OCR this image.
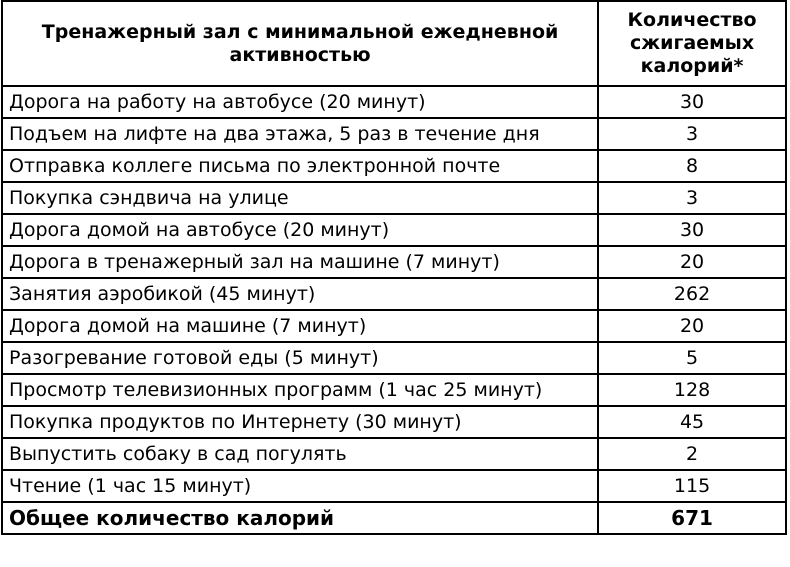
Тренажерный зал с минимальной ежедневной активностью	Количество сжигаемых калорий*
Дорога на работу на автобусе (20 минут)	30
Подъем на лифте на два этажа, 5 раз в течение дня	3
Отправка коллеге письма по электронной почте	8
Покупка сэндвича на улице	3
Дорога домой на автобусе (20 минут)	30
Дорога в тренажерный зал на машине (7 минут)	20
Занятия аэробикой (45 минут)	262
Дорога домой на машине (7 минут)	20
Разогревание готовой еды (5 минут)	5
Просмотр телевизионных программ (1 час 25 минут)	128
Покупка продуктов по Интернету (30 минут)	45
Выпустить собаку в сад погулять	2
Чтение (1 час 15 минут)	115
Общее количество калорий	671
